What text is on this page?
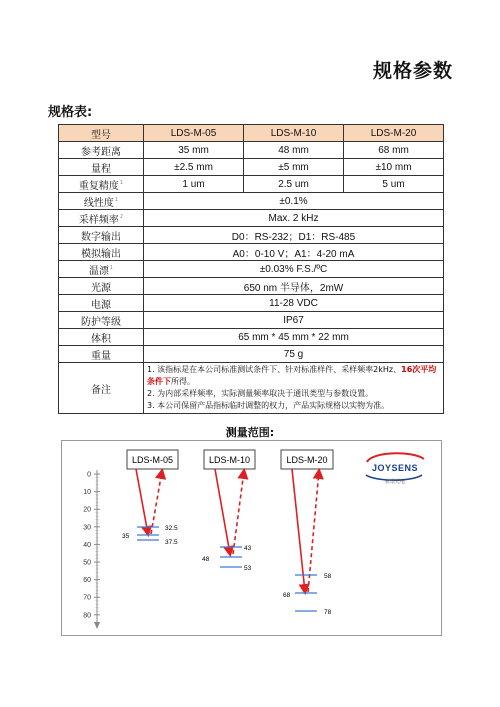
规格参数
规格表:
型号	LDS-M-05	LDS-M-10	LDS-M-20
参考距离	35 mm	48 mm	68 mm
量程	±2.5 mm	±5 mm	±10 mm
重复精度$^1$	1 um	2.5 um	5 um
线性度$^1$	±0.1%		
采样频率$^2$	Max. 2 kHz		
数字输出	D0：RS-232；D1：RS-485		
模拟输出	A0：0-10 V；A1：4-20 mA		
温漂$^1$	±0.03% F.S./ºC		
光源	650 nm 半导体，2mW		
电源	11-28 VDC		
防护等级	IP67		
体积	65 mm * 45 mm * 22 mm		
重量	75 g		
备注	1. 该指标是在本公司标准测试条件下、针对标准样件、采样频率2kHz、16次平均条件下所得。
2. 为内部采样频率，实际测量频率取决于通讯类型与参数设置。
3. 本公司保留产品指标临时调整的权力，产品实际规格以实物为准。		
测量范围:
0
10
20
30
40
50
60
70
80
LDS-M-05	LDS-M-10	LDS-M-20
32.5
35
37.5
43
48
53
58
68
78
JOYSENS
杭谱光电
